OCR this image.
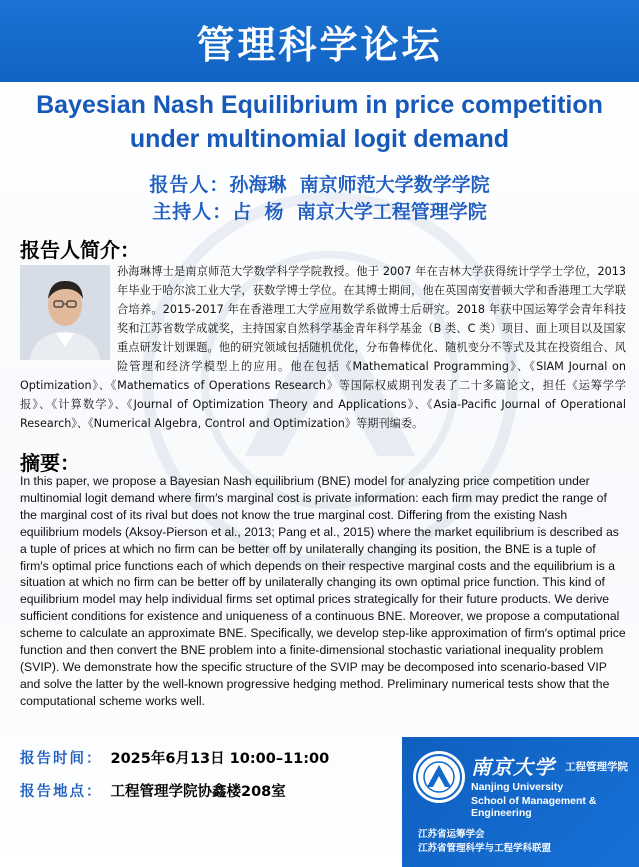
管理科学论坛
Bayesian Nash Equilibrium in price competition
under multinomial logit demand
报告人：孙海琳  南京师范大学数学学院
主持人：占  杨  南京大学工程管理学院
报告人简介：
孙海琳博士是南京师范大学数学科学学院教授。他于 2007 年在吉林大学获得统计学学士学位，2013 年毕业于哈尔滨工业大学，获数学博士学位。在其博士期间，他在英国南安普顿大学和香港理工大学联合培养。2015-2017 年在香港理工大学应用数学系做博士后研究。2018 年获中国运筹学会青年科技奖和江苏省数学成就奖，主持国家自然科学基金青年科学基金（B 类、C 类）项目、面上项目以及国家重点研发计划课题。他的研究领域包括随机优化，分布鲁棒优化、随机变分不等式及其在投资组合、风险管理和经济学模型上的应用。他在包括《Mathematical Programming》、《SIAM Journal on Optimization》、《Mathematics of Operations Research》等国际权威期刊发表了二十多篇论文，担任《运筹学学报》、《计算数学》、《Journal of Optimization Theory and Applications》、《Asia-Pacific Journal of Operational Research》、《Numerical Algebra, Control and Optimization》等期刊编委。
摘要：
In this paper, we propose a Bayesian Nash equilibrium (BNE) model for analyzing price competition under multinomial logit demand where firm′s marginal cost is private information: each firm may predict the range of the marginal cost of its rival but does not know the true marginal cost. Differing from the existing Nash equilibrium models (Aksoy-Pierson et al., 2013; Pang et al., 2015) where the market equilibrium is described as a tuple of prices at which no firm can be better off by unilaterally changing its position, the BNE is a tuple of firm′s optimal price functions each of which depends on their respective marginal costs and the equilibrium is a situation at which no firm can be better off by unilaterally changing its own optimal price function. This kind of equilibrium model may help individual firms set optimal prices strategically for their future products. We derive sufficient conditions for existence and uniqueness of a continuous BNE. Moreover, we propose a computational scheme to calculate an approximate BNE. Specifically, we develop step-like approximation of firm′s optimal price function and then convert the BNE problem into a finite-dimensional stochastic variational inequality problem (SVIP). We demonstrate how the specific structure of the SVIP may be decomposed into scenario-based VIP and solve the latter by the well-known progressive hedging method. Preliminary numerical tests show that the computational scheme works well.
报告时间： 2025年6月13日 10:00–11:00
报告地点： 工程管理学院协鑫楼208室
南京大学 工程管理学院
Nanjing University
School of Management & Engineering
江苏省运筹学会
江苏省管理科学与工程学科联盟
